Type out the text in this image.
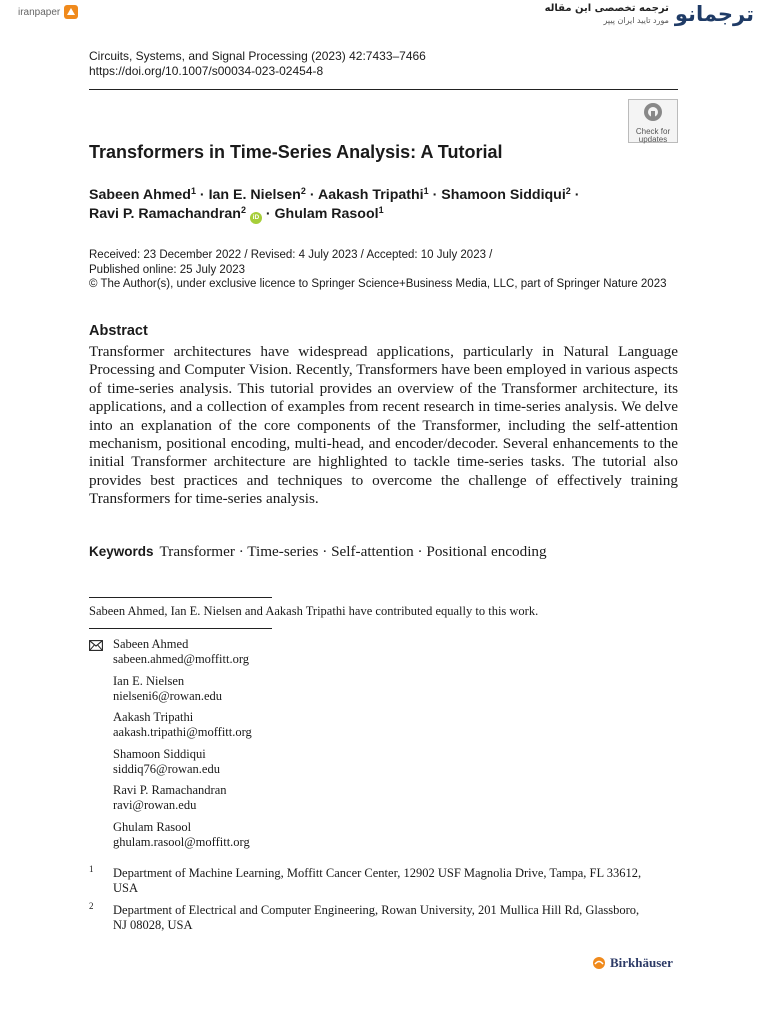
iranpaper	ترجمه تخصصی این مقاله
مورد تایید ایران پیپر ترجمانو
Circuits, Systems, and Signal Processing (2023) 42:7433–7466
https://doi.org/10.1007/s00034-023-02454-8
Check for
updates
Transformers in Time-Series Analysis: A Tutorial
Sabeen Ahmed$^1$ · Ian E. Nielsen$^2$ · Aakash Tripathi$^1$ · Shamoon Siddiqui$^2$ ·
Ravi P. Ramachandran$^2$ iD · Ghulam Rasool$^1$
Received: 23 December 2022 / Revised: 4 July 2023 / Accepted: 10 July 2023 /
Published online: 25 July 2023
© The Author(s), under exclusive licence to Springer Science+Business Media, LLC, part of Springer Nature 2023
Abstract
Transformer architectures have widespread applications, particularly in Natural Language Processing and Computer Vision. Recently, Transformers have been employed in various aspects of time-series analysis. This tutorial provides an overview of the Transformer architecture, its applications, and a collection of examples from recent research in time-series analysis. We delve into an explanation of the core components of the Transformer, including the self-attention mechanism, positional encoding, multi-head, and encoder/decoder. Several enhancements to the initial Transformer architecture are highlighted to tackle time-series tasks. The tutorial also provides best practices and techniques to overcome the challenge of effectively training Transformers for time-series analysis.
Keywords Transformer · Time-series · Self-attention · Positional encoding
Sabeen Ahmed, Ian E. Nielsen and Aakash Tripathi have contributed equally to this work.
Sabeen Ahmed
sabeen.ahmed@moffitt.org
Ian E. Nielsen
nielseni6@rowan.edu
Aakash Tripathi
aakash.tripathi@moffitt.org
Shamoon Siddiqui
siddiq76@rowan.edu
Ravi P. Ramachandran
ravi@rowan.edu
Ghulam Rasool
ghulam.rasool@moffitt.org
1 Department of Machine Learning, Moffitt Cancer Center, 12902 USF Magnolia Drive, Tampa, FL 33612, USA
2 Department of Electrical and Computer Engineering, Rowan University, 201 Mullica Hill Rd, Glassboro, NJ 08028, USA
Birkhäuser
